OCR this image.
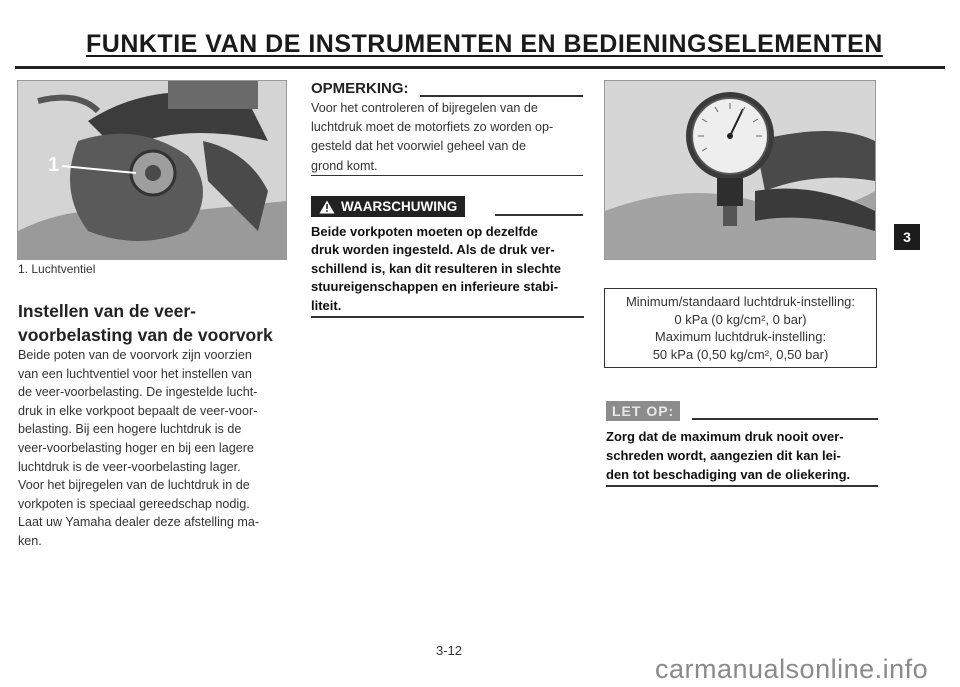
FUNKTIE VAN DE INSTRUMENTEN EN BEDIENINGSELEMENTEN
1
1. Luchtventiel
Instellen van de veer-
voorbelasting van de voorvork
Beide poten van de voorvork zijn voorzien
van een luchtventiel voor het instellen van
de veer-voorbelasting. De ingestelde lucht-
druk in elke vorkpoot bepaalt de veer-voor-
belasting. Bij een hogere luchtdruk is de
veer-voorbelasting hoger en bij een lagere
luchtdruk is de veer-voorbelasting lager.
Voor het bijregelen van de luchtdruk in de
vorkpoten is speciaal gereedschap nodig.
Laat uw Yamaha dealer deze afstelling ma-
ken.
OPMERKING:
Voor het controleren of bijregelen van de
luchtdruk moet de motorfiets zo worden op-
gesteld dat het voorwiel geheel van de
grond komt.
WAARSCHUWING
Beide vorkpoten moeten op dezelfde
druk worden ingesteld. Als de druk ver-
schillend is, kan dit resulteren in slechte
stuureigenschappen en inferieure stabi-
liteit.	Minimum/standaard luchtdruk-instelling:
0 kPa (0 kg/cm², 0 bar)
Maximum luchtdruk-instelling:
50 kPa (0,50 kg/cm², 0,50 bar)
LET OP:
Zorg dat de maximum druk nooit over-
schreden wordt, aangezien dit kan lei-
den tot beschadiging van de oliekering.
3
3-12
carmanualsonline.info
